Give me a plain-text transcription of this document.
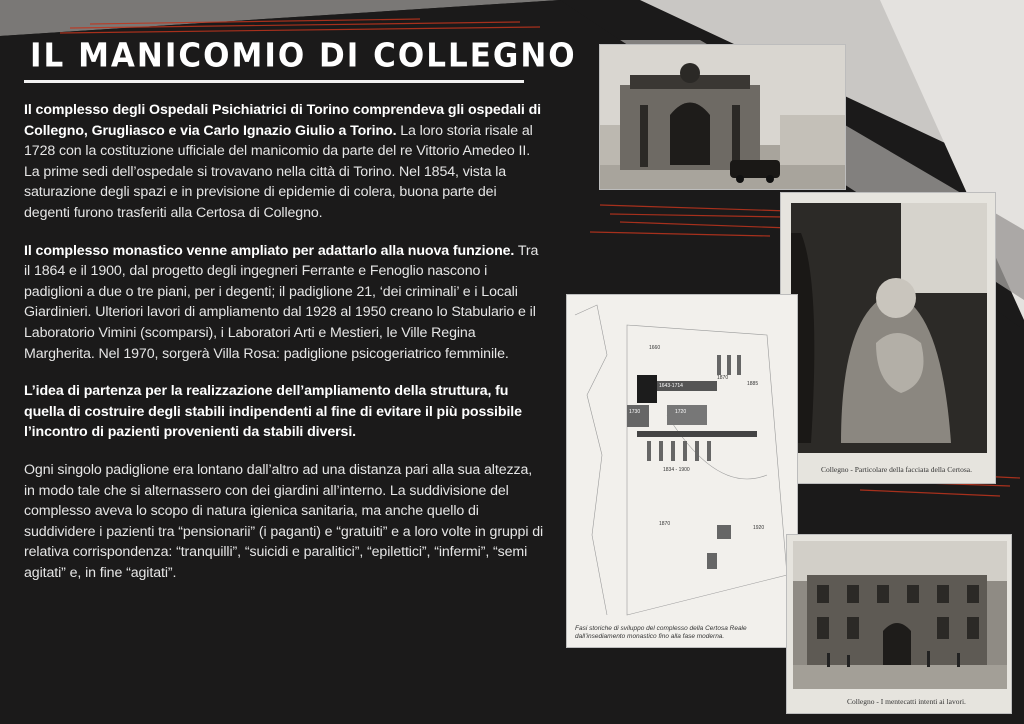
IL MANICOMIO DI COLLEGNO

Il complesso degli Ospedali Psichiatrici di Torino comprendeva gli ospedali di Collegno, Grugliasco e via Carlo Ignazio Giulio a Torino. La loro storia risale al 1728 con la costituzione ufficiale del manicomio da parte del re Vittorio Amedeo II. La prime sedi dell’ospedale si trovavano nella città di Torino. Nel 1854, vista la saturazione degli spazi e in previsione di epidemie di colera, buona parte dei degenti furono trasferiti alla Certosa di Collegno.

Il complesso monastico venne ampliato per adattarlo alla nuova funzione. Tra il 1864 e il 1900, dal progetto degli ingegneri Ferrante e Fenoglio nascono i padiglioni a due o tre piani, per i degenti; il padiglione 21, ‘dei criminali’ e i Locali Giardinieri. Ulteriori lavori di ampliamento dal 1928 al 1950 creano lo Stabulario e il Laboratorio Vimini (scomparsi), i Laboratori Arti e Mestieri, le Ville Regina Margherita. Nel 1970, sorgerà Villa Rosa: padiglione psicogeriatrico femminile.

L’idea di partenza per la realizzazione dell’ampliamento della struttura, fu quella di costruire degli stabili indipendenti al fine di evitare il più possibile l’incontro di pazienti provenienti da stabili diversi.

Ogni singolo padiglione era lontano dall’altro ad una distanza pari alla sua altezza, in modo tale che si alternassero con dei giardini all’interno. La suddivisione del complesso aveva lo scopo di natura igienica sanitaria, ma anche quello di suddividere i pazienti tra “pensionarii” (i paganti) e “gratuiti” e a loro volte in gruppi di relativa corrispondenza: “tranquilli”, “suicidi e paralitici”, “epilettici”, “infermi”, “semi agitati” e, in fine “agitati”.

Collegno - Particolare della facciata della Certosa.
1660
1643-1714
1870
1885
1730	1720
1834 - 1900
1870
1920
Fasi storiche di sviluppo del complesso della Certosa Reale dall’insediamento monastico fino alla fase moderna.
Collegno - I mentecatti intenti ai lavori.
